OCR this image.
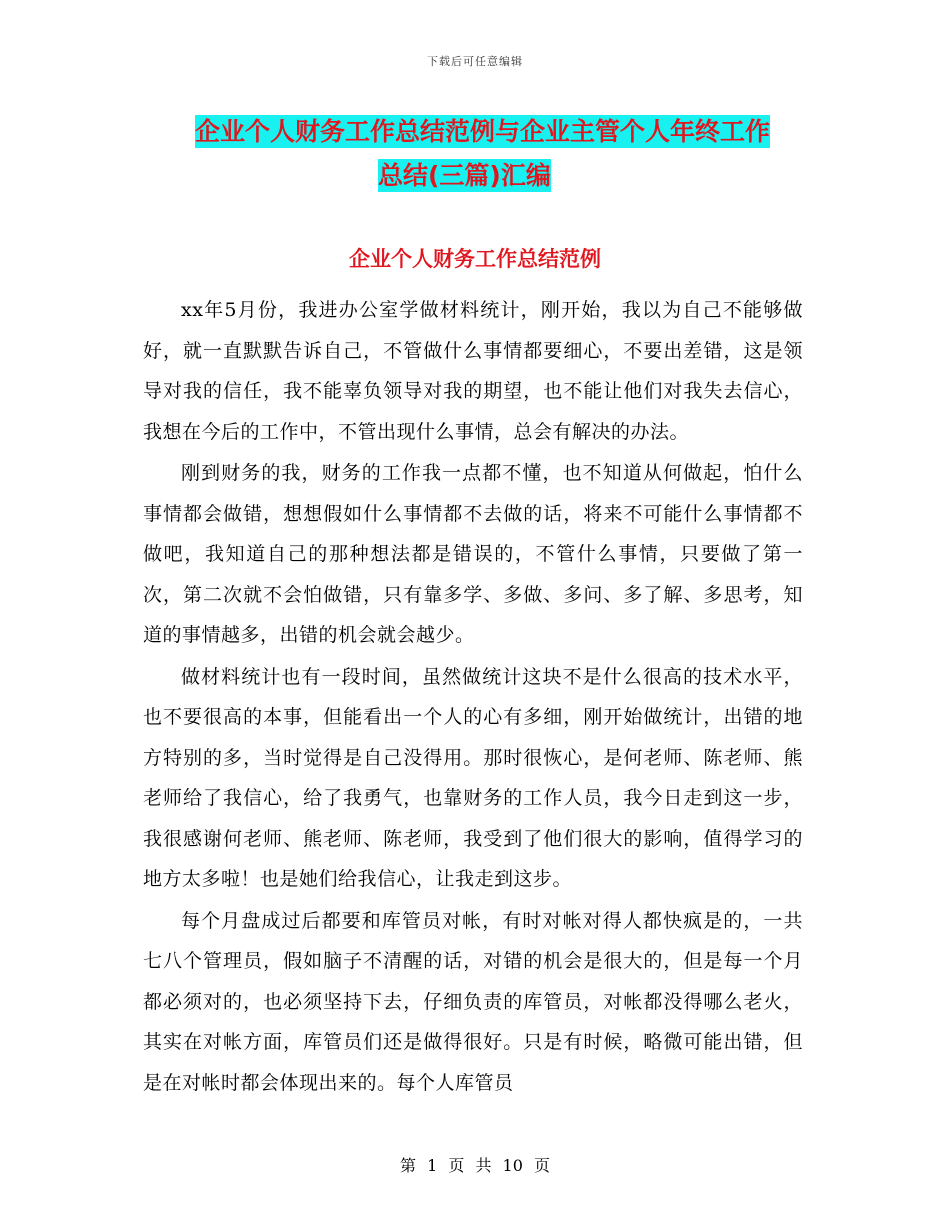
下载后可任意编辑
企业个人财务工作总结范例与企业主管个人年终工作
总结(三篇)汇编
企业个人财务工作总结范例

xx年5月份，我进办公室学做材料统计，刚开始，我以为自己不能够做好，就一直默默告诉自己，不管做什么事情都要细心，不要出差错，这是领导对我的信任，我不能辜负领导对我的期望，也不能让他们对我失去信心，我想在今后的工作中，不管出现什么事情，总会有解决的办法。

刚到财务的我，财务的工作我一点都不懂，也不知道从何做起，怕什么事情都会做错，想想假如什么事情都不去做的话，将来不可能什么事情都不做吧，我知道自己的那种想法都是错误的，不管什么事情，只要做了第一次，第二次就不会怕做错，只有靠多学、多做、多问、多了解、多思考，知道的事情越多，出错的机会就会越少。

做材料统计也有一段时间，虽然做统计这块不是什么很高的技术水平，也不要很高的本事，但能看出一个人的心有多细，刚开始做统计，出错的地方特别的多，当时觉得是自己没得用。那时很恢心，是何老师、陈老师、熊老师给了我信心，给了我勇气，也靠财务的工作人员，我今日走到这一步，我很感谢何老师、熊老师、陈老师，我受到了他们很大的影响，值得学习的地方太多啦！也是她们给我信心，让我走到这步。

每个月盘成过后都要和库管员对帐，有时对帐对得人都快疯是的，一共七八个管理员，假如脑子不清醒的话，对错的机会是很大的，但是每一个月都必须对的，也必须坚持下去，仔细负责的库管员，对帐都没得哪么老火，其实在对帐方面，库管员们还是做得很好。只是有时候，略微可能出错，但是在对帐时都会体现出来的。每个人库管员

第 1 页 共 10 页
